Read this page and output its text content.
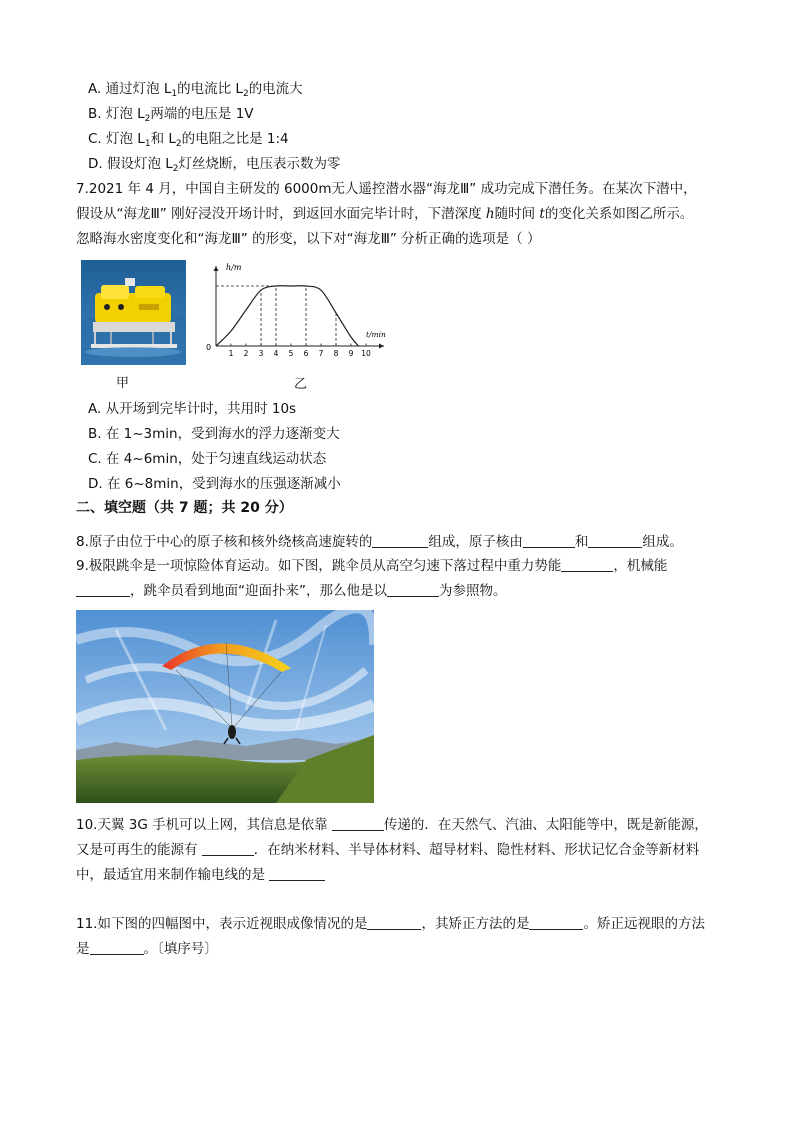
A. 通过灯泡 $L_1$的电流比 $L_2$的电流大
B. 灯泡 $L_2$两端的电压是 1V
C. 灯泡 $L_1$和 $L_2$的电阻之比是 1:4
D. 假设灯泡 $L_2$灯丝烧断，电压表示数为零
7.2021 年 4 月，中国自主研发的 6000m无人遥控潜水器“海龙Ⅲ” 成功完成下潜任务。在某次下潜中，
假设从“海龙Ⅲ” 刚好浸没开场计时，到返回水面完毕计时，下潜深度 h随时间 t的变化关系如图乙所示。
忽略海水密度变化和“海龙Ⅲ” 的形变，以下对“海龙Ⅲ” 分析正确的选项是（ ）
甲
1 2 3 4 5 6 7 8 9 10
h/m
t/min
0
乙
A. 从开场到完毕计时，共用时 10s
B. 在 1~3min，受到海水的浮力逐渐变大
C. 在 4~6min，处于匀速直线运动状态
D. 在 6~8min，受到海水的压强逐渐减小
二、填空题（共 7 题；共 20 分）
8.原子由位于中心的原子核和核外绕核高速旋转的	组成，原子核由	和	组成。
9.极限跳伞是一项惊险体育运动。如下图，跳伞员从高空匀速下落过程中重力势能	，机械能
，跳伞员看到地面“迎面扑来”，那么他是以	为参照物。
10.天翼 3G 手机可以上网，其信息是依靠	传递的．在天然气、汽油、太阳能等中，既是新能源，
又是可再生的能源有	．在纳米材料、半导体材料、超导材料、隐性材料、形状记忆合金等新材料
中，最适宜用来制作输电线的是
11.如下图的四幅图中，表示近视眼成像情况的是	，其矫正方法的是	。矫正远视眼的方法
是	。〔填序号〕
